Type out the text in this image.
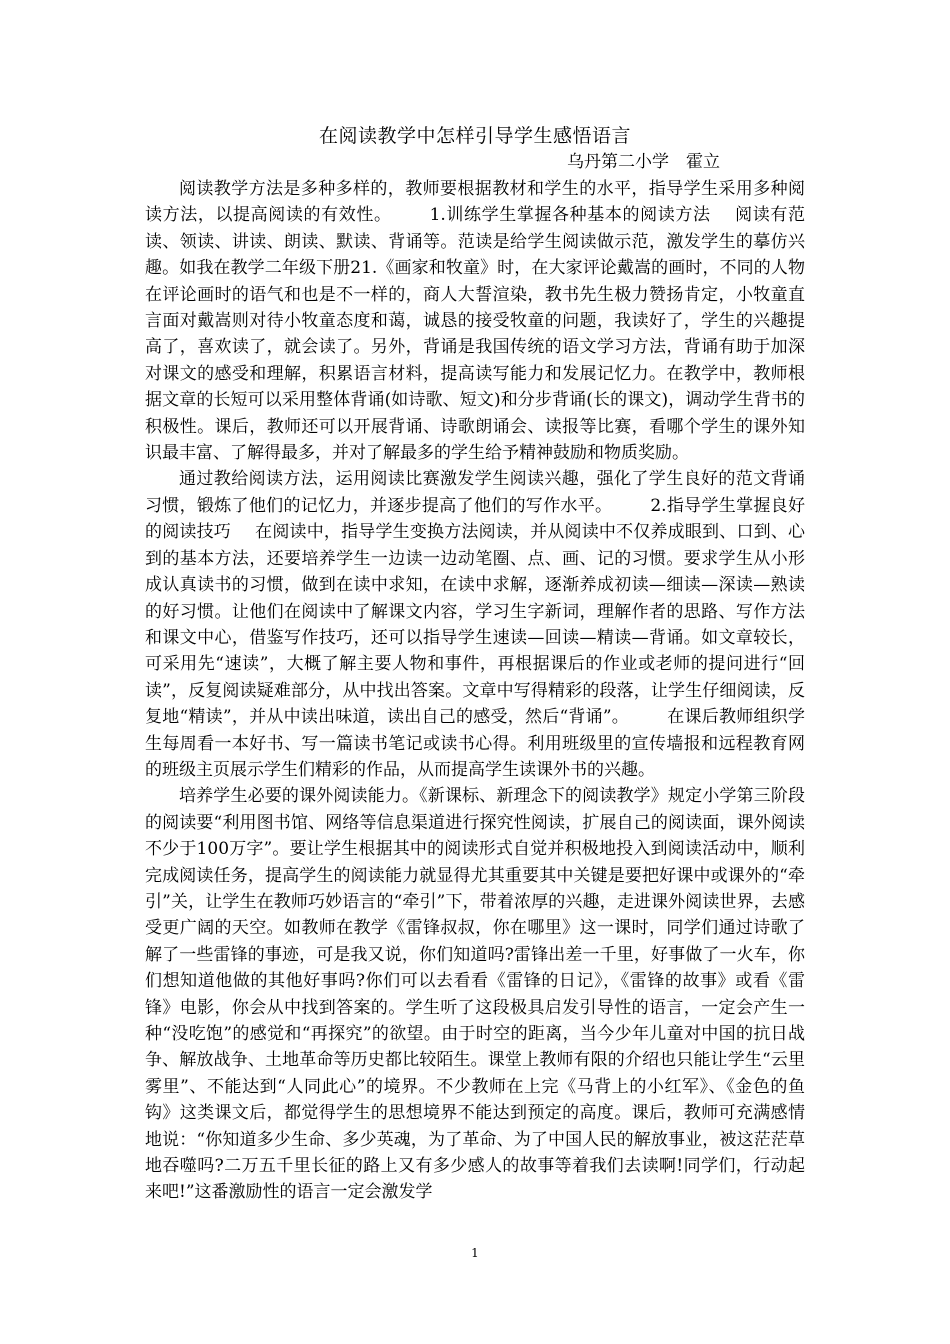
在阅读教学中怎样引导学生感悟语言

乌丹第二小学　霍立

阅读教学方法是多种多样的，教师要根据教材和学生的水平，指导学生采用多种阅读方法，以提高阅读的有效性。 1.训练学生掌握各种基本的阅读方法 阅读有范读、领读、讲读、朗读、默读、背诵等。范读是给学生阅读做示范，激发学生的摹仿兴趣。如我在教学二年级下册21.《画家和牧童》时，在大家评论戴嵩的画时，不同的人物在评论画时的语气和也是不一样的，商人大誓渲染，教书先生极力赞扬肯定，小牧童直言面对戴嵩则对待小牧童态度和蔼，诚恳的接受牧童的问题，我读好了，学生的兴趣提高了，喜欢读了，就会读了。另外，背诵是我国传统的语文学习方法，背诵有助于加深对课文的感受和理解，积累语言材料，提高读写能力和发展记忆力。在教学中，教师根据文章的长短可以采用整体背诵(如诗歌、短文)和分步背诵(长的课文)，调动学生背书的积极性。课后，教师还可以开展背诵、诗歌朗诵会、读报等比赛，看哪个学生的课外知识最丰富、了解得最多，并对了解最多的学生给予精神鼓励和物质奖励。

通过教给阅读方法，运用阅读比赛激发学生阅读兴趣，强化了学生良好的范文背诵习惯，锻炼了他们的记忆力，并逐步提高了他们的写作水平。 2.指导学生掌握良好的阅读技巧 在阅读中，指导学生变换方法阅读，并从阅读中不仅养成眼到、口到、心到的基本方法，还要培养学生一边读一边动笔圈、点、画、记的习惯。要求学生从小形成认真读书的习惯，做到在读中求知，在读中求解，逐渐养成初读—细读—深读—熟读的好习惯。让他们在阅读中了解课文内容，学习生字新词，理解作者的思路、写作方法和课文中心，借鉴写作技巧，还可以指导学生速读—回读—精读—背诵。如文章较长，可采用先“速读”，大概了解主要人物和事件，再根据课后的作业或老师的提问进行“回读”，反复阅读疑难部分，从中找出答案。文章中写得精彩的段落，让学生仔细阅读，反复地“精读”，并从中读出味道，读出自己的感受，然后“背诵”。 在课后教师组织学生每周看一本好书、写一篇读书笔记或读书心得。利用班级里的宣传墙报和远程教育网的班级主页展示学生们精彩的作品，从而提高学生读课外书的兴趣。

培养学生必要的课外阅读能力。《新课标、新理念下的阅读教学》规定小学第三阶段的阅读要“利用图书馆、网络等信息渠道进行探究性阅读，扩展自己的阅读面，课外阅读不少于100万字”。要让学生根据其中的阅读形式自觉并积极地投入到阅读活动中，顺利完成阅读任务，提高学生的阅读能力就显得尤其重要其中关键是要把好课中或课外的“牵引”关，让学生在教师巧妙语言的“牵引”下，带着浓厚的兴趣，走进课外阅读世界，去感受更广阔的天空。如教师在教学《雷锋叔叔，你在哪里》这一课时，同学们通过诗歌了解了一些雷锋的事迹，可是我又说，你们知道吗?雷锋出差一千里，好事做了一火车，你们想知道他做的其他好事吗?你们可以去看看《雷锋的日记》，《雷锋的故事》或看《雷锋》电影，你会从中找到答案的。学生听了这段极具启发引导性的语言，一定会产生一种“没吃饱”的感觉和“再探究”的欲望。由于时空的距离，当今少年儿童对中国的抗日战争、解放战争、土地革命等历史都比较陌生。课堂上教师有限的介绍也只能让学生“云里雾里”、不能达到“人同此心”的境界。不少教师在上完《马背上的小红军》、《金色的鱼钩》这类课文后，都觉得学生的思想境界不能达到预定的高度。课后，教师可充满感情地说：“你知道多少生命、多少英魂，为了革命、为了中国人民的解放事业，被这茫茫草地吞噬吗?二万五千里长征的路上又有多少感人的故事等着我们去读啊!同学们，行动起来吧!”这番激励性的语言一定会激发学

1
